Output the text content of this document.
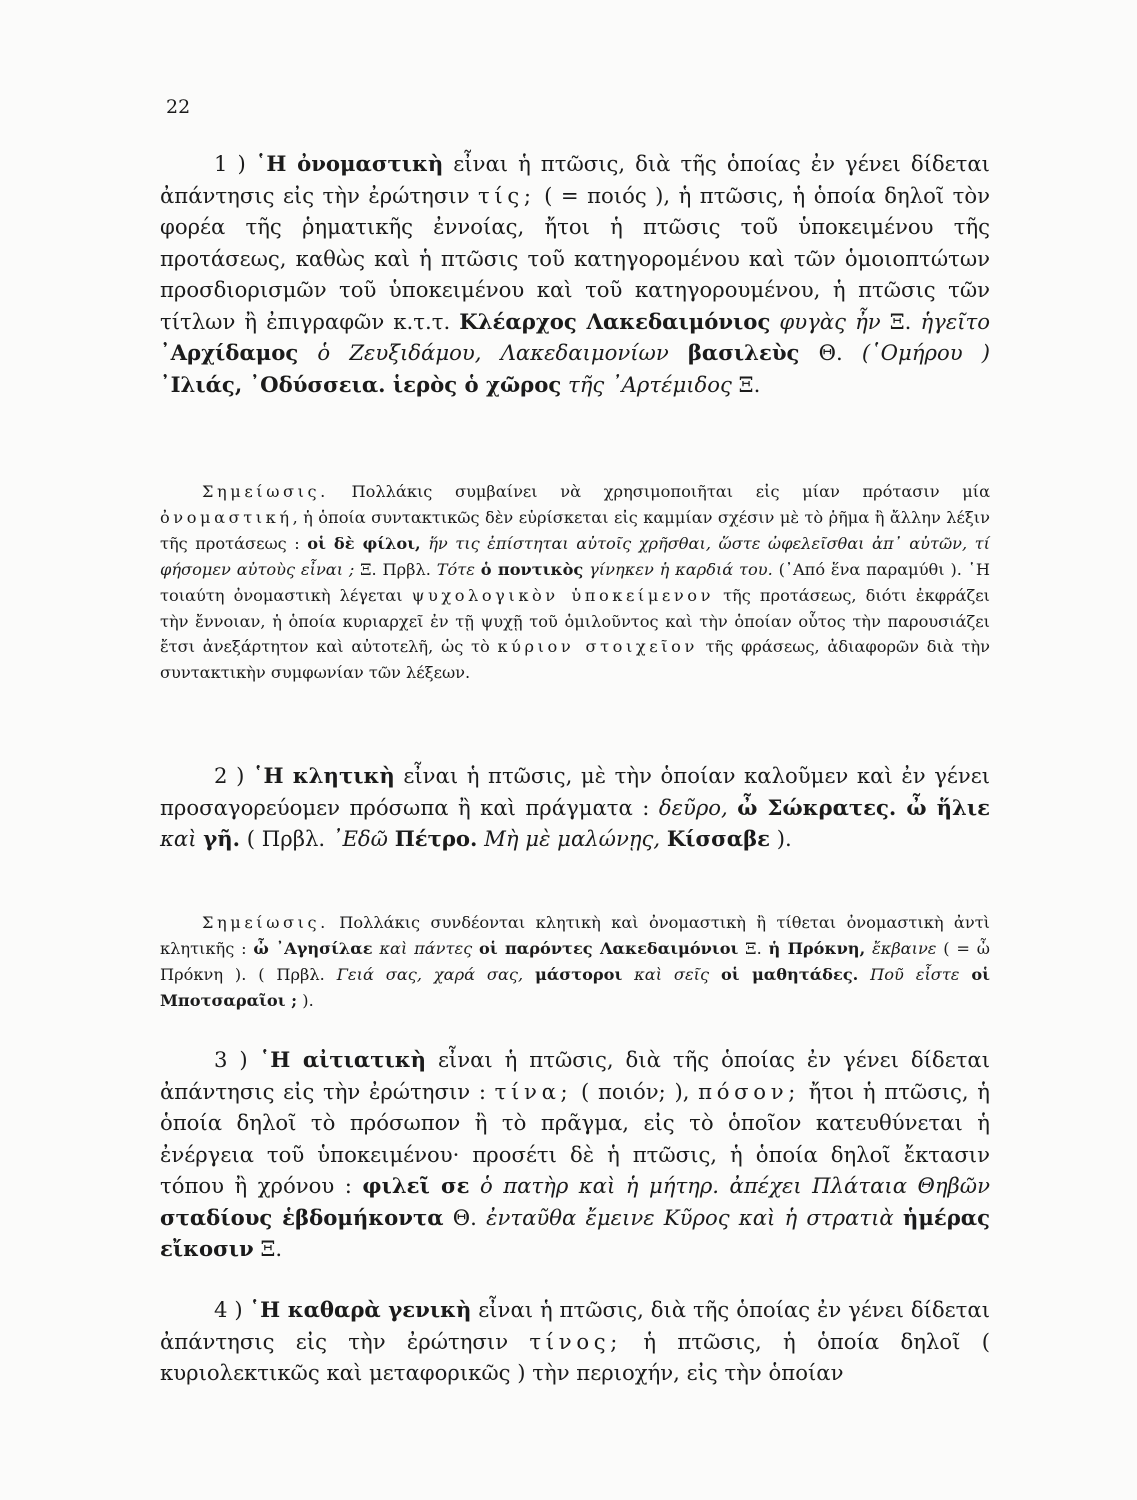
22
1 ) ῾Η ὀνομαστικὴ εἶναι ἡ πτῶσις, διὰ τῆς ὁποίας ἐν γένει δίδεται ἀπάντησις εἰς τὴν ἐρώτησιν τίς; ( = ποιός ), ἡ πτῶσις, ἡ ὁποία δηλοῖ τὸν φορέα τῆς ῥηματικῆς ἐννοίας, ἤτοι ἡ πτῶσις τοῦ ὑποκειμένου τῆς προτάσεως, καθὼς καὶ ἡ πτῶσις τοῦ κατηγορομένου καὶ τῶν ὁμοιοπτώτων προσδιορισμῶν τοῦ ὑποκειμένου καὶ τοῦ κατηγορουμένου, ἡ πτῶσις τῶν τίτλων ἢ ἐπιγραφῶν κ.τ.τ. Κλέαρχος Λακεδαιμόνιος φυγὰς ἦν Ξ. ἡγεῖτο ᾿Αρχίδαμος ὁ Ζευξιδάμου, Λακεδαιμονίων βασιλεὺς Θ. (῾Ομήρου ) ᾿Ιλιάς, ᾿Οδύσσεια. ἱερὸς ὁ χῶρος τῆς ᾿Αρτέμιδος Ξ.
Σημείωσις. Πολλάκις συμβαίνει νὰ χρησιμοποιῆται εἰς μίαν πρότασιν μία ὀνομαστική, ἡ ὁποία συντακτικῶς δὲν εὑρίσκεται εἰς καμμίαν σχέσιν μὲ τὸ ῥῆμα ἢ ἄλλην λέξιν τῆς προτάσεως : οἱ δὲ φίλοι, ἥν τις ἐπίστηται αὐτοῖς χρῆσθαι, ὥστε ὠφελεῖσθαι ἀπ᾿ αὐτῶν, τί φήσομεν αὐτοὺς εἶναι ; Ξ. Πρβλ. Τότε ὁ ποντικὸς γίνηκεν ἡ καρδιά του. (᾿Από ἕνα παραμύθι ). ῾Η τοιαύτη ὀνομαστικὴ λέγεται ψυχολογικὸν ὑποκείμενον τῆς προτάσεως, διότι ἐκφράζει τὴν ἔννοιαν, ἡ ὁποία κυριαρχεῖ ἐν τῇ ψυχῇ τοῦ ὁμιλοῦντος καὶ τὴν ὁποίαν οὗτος τὴν παρουσιάζει ἔτσι ἀνεξάρτητον καὶ αὐτοτελῆ, ὡς τὸ κύριον στοιχεῖον τῆς φράσεως, ἀδιαφορῶν διὰ τὴν συντακτικὴν συμφωνίαν τῶν λέξεων.
2 ) ῾Η κλητικὴ εἶναι ἡ πτῶσις, μὲ τὴν ὁποίαν καλοῦμεν καὶ ἐν γένει προσαγορεύομεν πρόσωπα ἢ καὶ πράγματα : δεῦρο, ὦ Σώκρατες. ὦ ἥλιε καὶ γῆ. ( Πρβλ. ᾿Εδῶ Πέτρο. Μὴ μὲ μαλώνῃς, Κίσσαβε ).
Σημείωσις. Πολλάκις συνδέονται κλητικὴ καὶ ὀνομαστικὴ ἢ τίθεται ὀνομαστικὴ ἀντὶ κλητικῆς : ὦ ᾿Αγησίλαε καὶ πάντες οἱ παρόντες Λακεδαιμόνιοι Ξ. ἡ Πρόκνη, ἔκβαινε ( = ὦ Πρόκνη ). ( Πρβλ. Γειά σας, χαρά σας, μάστοροι καὶ σεῖς οἱ μαθητάδες. Ποῦ εἶστε οἱ Μποτσαραῖοι ; ).
3 ) ῾Η αἰτιατικὴ εἶναι ἡ πτῶσις, διὰ τῆς ὁποίας ἐν γένει δίδεται ἀπάντησις εἰς τὴν ἐρώτησιν : τίνα; ( ποιόν; ), πόσον; ἤτοι ἡ πτῶσις, ἡ ὁποία δηλοῖ τὸ πρόσωπον ἢ τὸ πρᾶγμα, εἰς τὸ ὁποῖον κατευθύνεται ἡ ἐνέργεια τοῦ ὑποκειμένου· προσέτι δὲ ἡ πτῶσις, ἡ ὁποία δηλοῖ ἔκτασιν τόπου ἢ χρόνου : φιλεῖ σε ὁ πατὴρ καὶ ἡ μήτηρ. ἀπέχει Πλάταια Θηβῶν σταδίους ἑβδομήκοντα Θ. ἐνταῦθα ἔμεινε Κῦρος καὶ ἡ στρατιὰ ἡμέρας εἴκοσιν Ξ.
4 ) ῾Η καθαρὰ γενικὴ εἶναι ἡ πτῶσις, διὰ τῆς ὁποίας ἐν γένει δίδεται ἀπάντησις εἰς τὴν ἐρώτησιν τίνος; ἡ πτῶσις, ἡ ὁποία δηλοῖ ( κυριολεκτικῶς καὶ μεταφορικῶς ) τὴν περιοχήν, εἰς τὴν ὁποίαν
